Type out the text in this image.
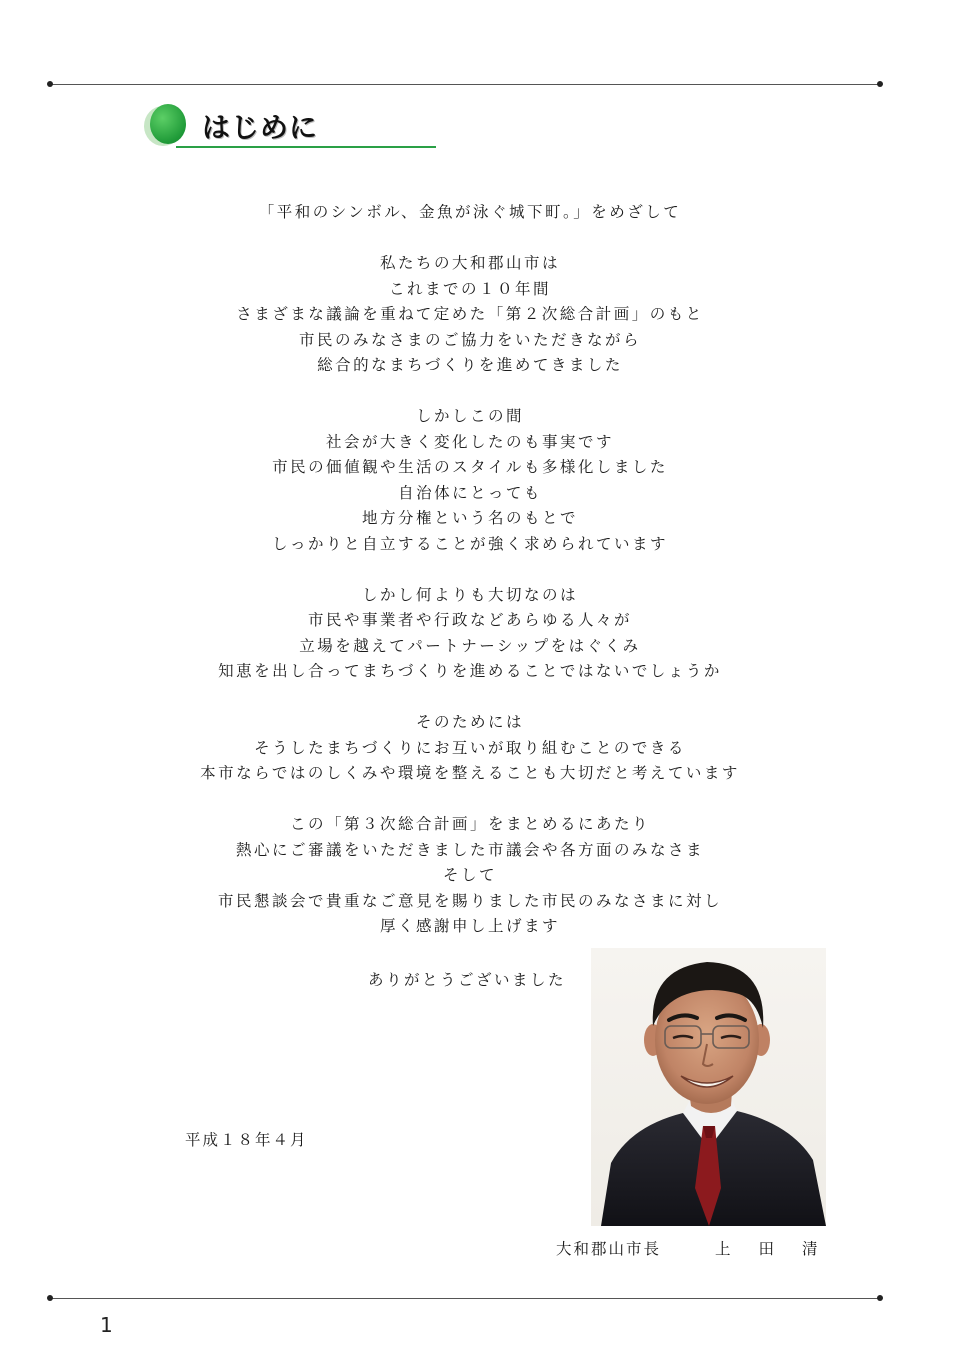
はじめに
「平和のシンボル、金魚が泳ぐ城下町。」をめざして
私たちの大和郡山市は
これまでの１０年間
さまざまな議論を重ねて定めた「第２次総合計画」のもと
市民のみなさまのご協力をいただきながら
総合的なまちづくりを進めてきました
しかしこの間
社会が大きく変化したのも事実です
市民の価値観や生活のスタイルも多様化しました
自治体にとっても
地方分権という名のもとで
しっかりと自立することが強く求められています
しかし何よりも大切なのは
市民や事業者や行政などあらゆる人々が
立場を越えてパートナーシップをはぐくみ
知恵を出し合ってまちづくりを進めることではないでしょうか
そのためには
そうしたまちづくりにお互いが取り組むことのできる
本市ならではのしくみや環境を整えることも大切だと考えています
この「第３次総合計画」をまとめるにあたり
熱心にご審議をいただきました市議会や各方面のみなさま
そして
市民懇談会で貴重なご意見を賜りました市民のみなさまに対し
厚く感謝申し上げます
ありがとうございました
平成１８年４月
大和郡山市長	上田清
1
